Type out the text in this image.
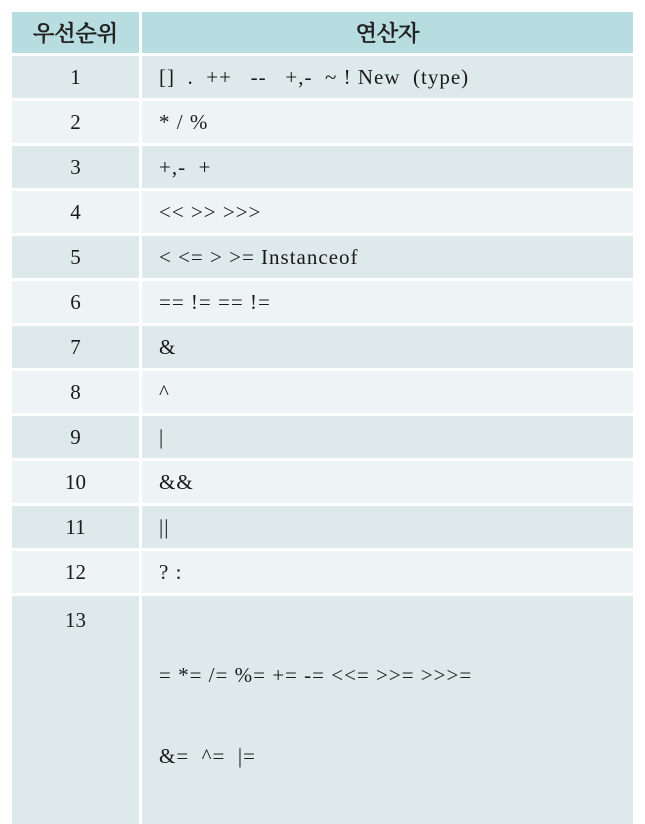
우선순위	연산자
1	[]  .  ++   --   +,-  ~ ! New  (type)
2	* / %
3	+,-  +
4	<< >> >>>
5	< <= > >= Instanceof
6	== != == !=
7	&
8	^
9	|
10	&&
11	||
12	? :
13	= *= /= %= += -= <<= >>= >>>=

&=  ^=  |=
